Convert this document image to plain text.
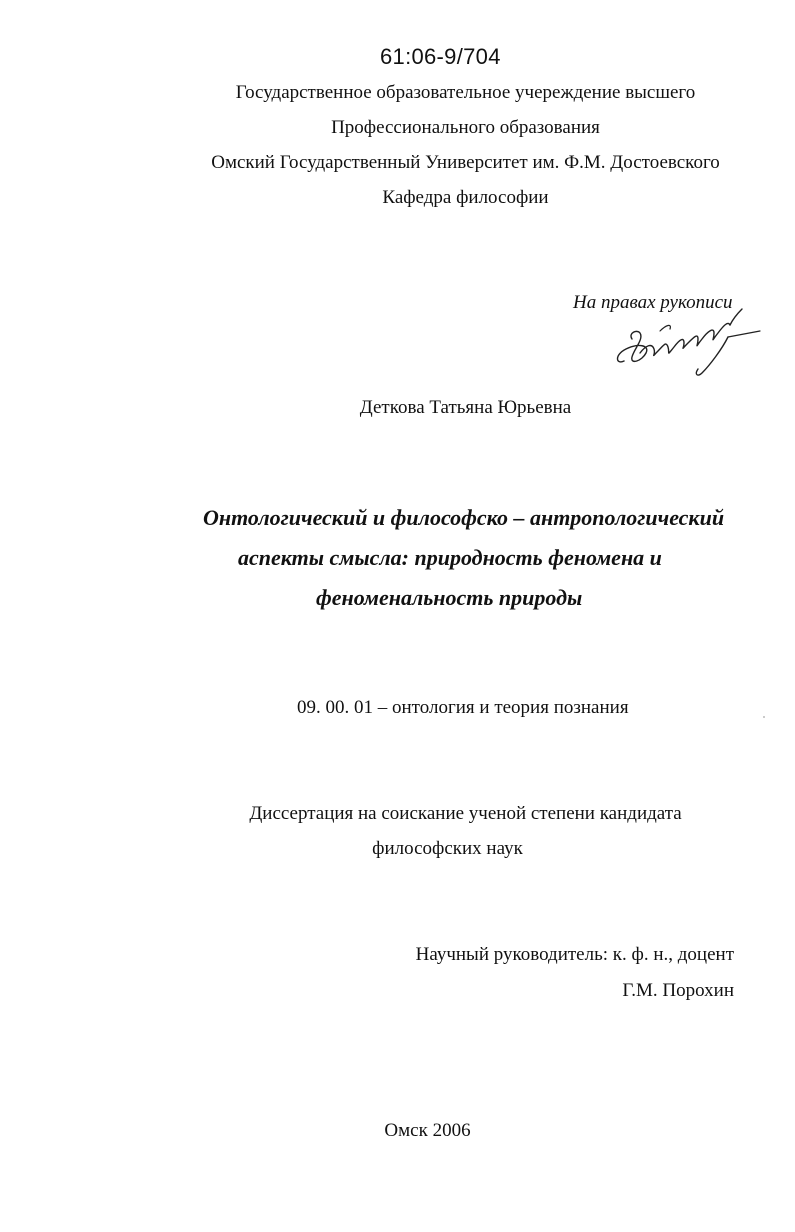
61:06-9/704
Государственное образовательное учереждение высшего
Профессионального образования
Омский Государственный Университет им. Ф.М. Достоевского
Кафедра философии
На правах рукописи
Деткова Татьяна Юрьевна
Онтологический и философско – антропологический
аспекты смысла: природность феномена и
феноменальность природы
09. 00. 01 – онтология и теория познания
Диссертация на соискание ученой степени кандидата
философских наук
Научный руководитель: к. ф. н., доцент
Г.М. Порохин
Омск 2006
